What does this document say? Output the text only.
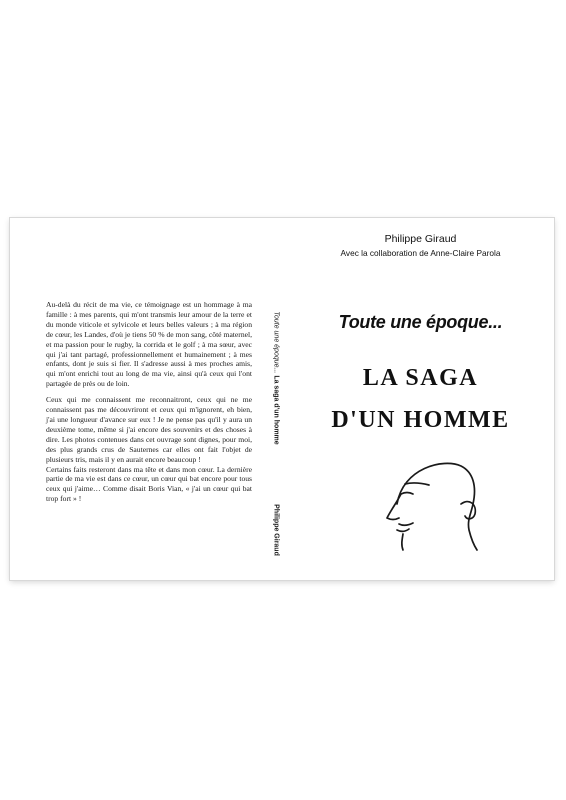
Au-delà du récit de ma vie, ce témoignage est un hommage à ma famille : à mes parents, qui m'ont transmis leur amour de la terre et du monde viticole et sylvicole et leurs belles valeurs ; à ma région de cœur, les Landes, d'où je tiens 50 % de mon sang, côté maternel, et ma passion pour le rugby, la corrida et le golf ; à ma sœur, avec qui j'ai tant partagé, professionnellement et humainement ; à mes enfants, dont je suis si fier. Il s'adresse aussi à mes proches amis, qui m'ont enrichi tout au long de ma vie, ainsi qu'à ceux qui l'ont partagée de près ou de loin.

Ceux qui me connaissent me reconnaitront, ceux qui ne me connaissent pas me découvriront et ceux qui m'ignorent, eh bien, j'ai une longueur d'avance sur eux ! Je ne pense pas qu'il y aura un deuxième tome, même si j'ai encore des souvenirs et des choses à dire. Les photos contenues dans cet ouvrage sont dignes, pour moi, des plus grands crus de Sauternes car elles ont fait l'objet de plusieurs tris, mais il y en aurait encore beaucoup !

Certains faits resteront dans ma tête et dans mon cœur. La dernière partie de ma vie est dans ce cœur, un cœur qui bat encore pour tous ceux qui j'aime… Comme disait Boris Vian, « j'ai un cœur qui bat trop fort » !

Toute une époque... La saga d'un homme
Philippe Giraud
Philippe Giraud
Avec la collaboration de Anne-Claire Parola
Toute une époque...
LA SAGA
D'UN HOMME
